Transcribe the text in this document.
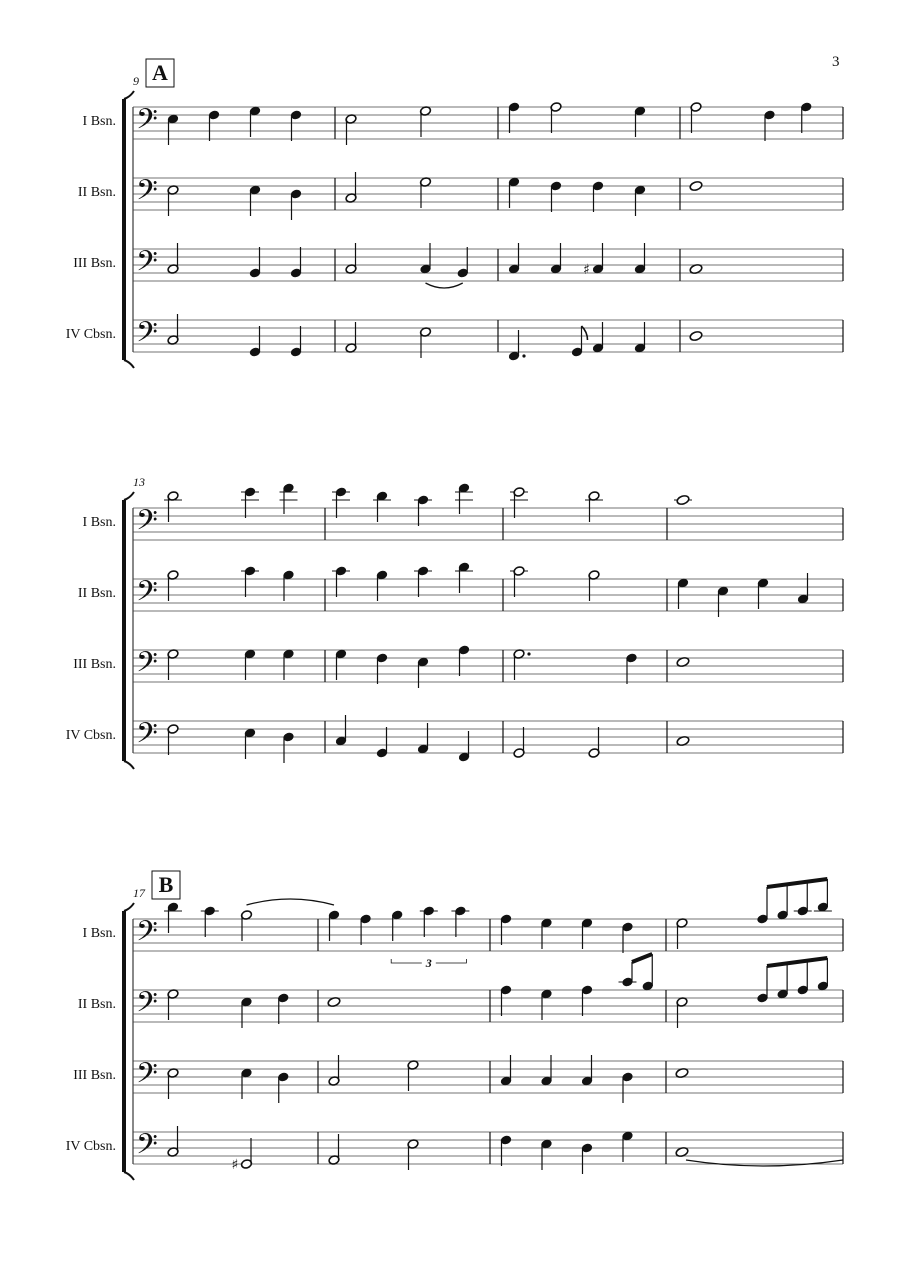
3
9 A
I Bsn. 𝄢
II Bsn. 𝄢
III Bsn. 𝄢	♯
IV Cbsn. 𝄢
13
I Bsn. 𝄢
II Bsn. 𝄢
III Bsn. 𝄢
IV Cbsn. 𝄢
17 B
I Bsn. 𝄢
3
II Bsn. 𝄢
III Bsn. 𝄢
IV Cbsn. 𝄢	♯
